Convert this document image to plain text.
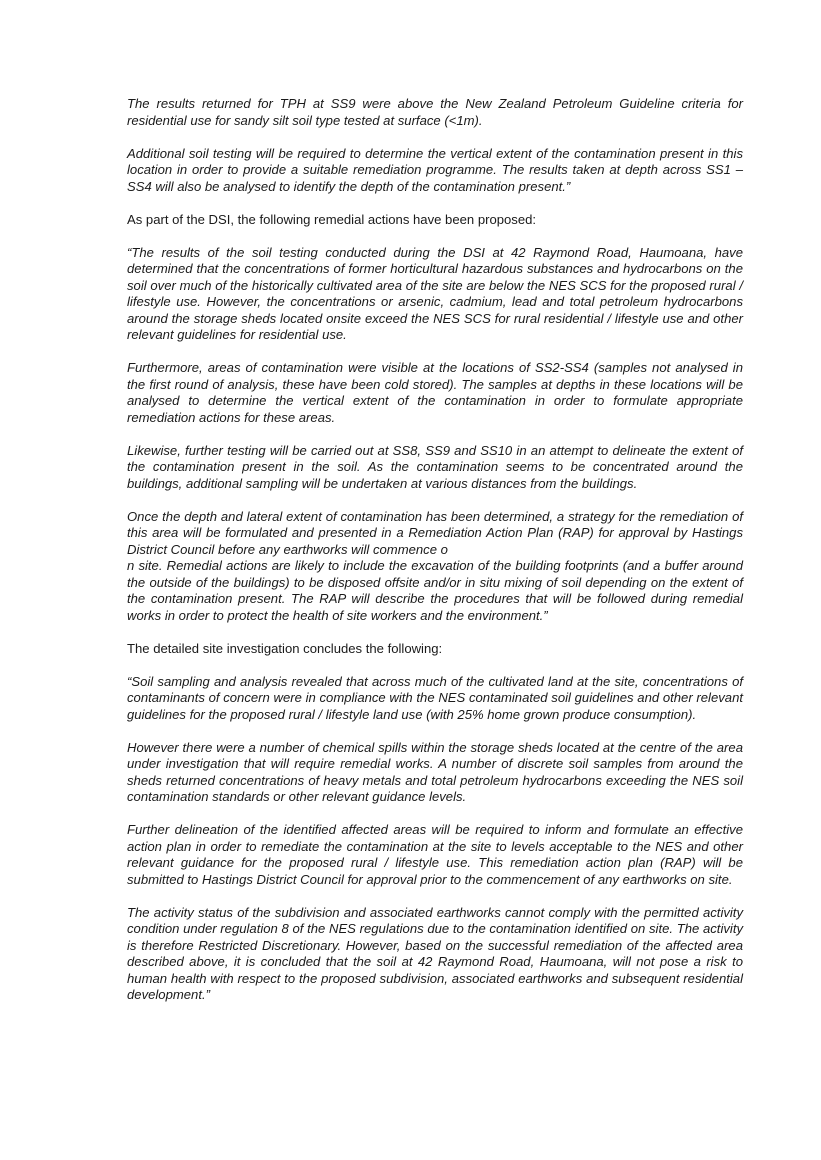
The results returned for TPH at SS9 were above the New Zealand Petroleum Guideline criteria for residential use for sandy silt soil type tested at surface (<1m).

Additional soil testing will be required to determine the vertical extent of the contamination present in this location in order to provide a suitable remediation programme. The results taken at depth across SS1 – SS4 will also be analysed to identify the depth of the contamination present.”

As part of the DSI, the following remedial actions have been proposed:

“The results of the soil testing conducted during the DSI at 42 Raymond Road, Haumoana, have determined that the concentrations of former horticultural hazardous substances and hydrocarbons on the soil over much of the historically cultivated area of the site are below the NES SCS for the proposed rural / lifestyle use. However, the concentrations or arsenic, cadmium, lead and total petroleum hydrocarbons around the storage sheds located onsite exceed the NES SCS for rural residential / lifestyle use and other relevant guidelines for residential use.

Furthermore, areas of contamination were visible at the locations of SS2-SS4 (samples not analysed in the first round of analysis, these have been cold stored). The samples at depths in these locations will be analysed to determine the vertical extent of the contamination in order to formulate appropriate remediation actions for these areas.

Likewise, further testing will be carried out at SS8, SS9 and SS10 in an attempt to delineate the extent of the contamination present in the soil. As the contamination seems to be concentrated around the buildings, additional sampling will be undertaken at various distances from the buildings.

Once the depth and lateral extent of contamination has been determined, a strategy for the remediation of this area will be formulated and presented in a Remediation Action Plan (RAP) for approval by Hastings District Council before any earthworks will commence o

n site. Remedial actions are likely to include the excavation of the building footprints (and a buffer around the outside of the buildings) to be disposed offsite and/or in situ mixing of soil depending on the extent of the contamination present. The RAP will describe the procedures that will be followed during remedial works in order to protect the health of site workers and the environment.”

The detailed site investigation concludes the following:

“Soil sampling and analysis revealed that across much of the cultivated land at the site, concentrations of contaminants of concern were in compliance with the NES contaminated soil guidelines and other relevant guidelines for the proposed rural / lifestyle land use (with 25% home grown produce consumption).

However there were a number of chemical spills within the storage sheds located at the centre of the area under investigation that will require remedial works. A number of discrete soil samples from around the sheds returned concentrations of heavy metals and total petroleum hydrocarbons exceeding the NES soil contamination standards or other relevant guidance levels.

Further delineation of the identified affected areas will be required to inform and formulate an effective action plan in order to remediate the contamination at the site to levels acceptable to the NES and other relevant guidance for the proposed rural / lifestyle use. This remediation action plan (RAP) will be submitted to Hastings District Council for approval prior to the commencement of any earthworks on site.

The activity status of the subdivision and associated earthworks cannot comply with the permitted activity condition under regulation 8 of the NES regulations due to the contamination identified on site. The activity is therefore Restricted Discretionary. However, based on the successful remediation of the affected area described above, it is concluded that the soil at 42 Raymond Road, Haumoana, will not pose a risk to human health with respect to the proposed subdivision, associated earthworks and subsequent residential development.”
